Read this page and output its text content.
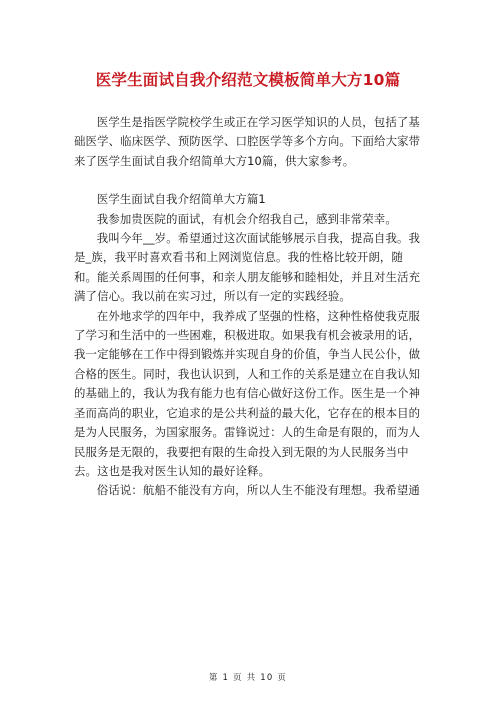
医学生面试自我介绍范文模板简单大方10篇

医学生是指医学院校学生或正在学习医学知识的人员，包括了基础医学、临床医学、预防医学、口腔医学等多个方向。下面给大家带来了医学生面试自我介绍简单大方10篇，供大家参考。

医学生面试自我介绍简单大方篇1

我参加贵医院的面试，有机会介绍我自己，感到非常荣幸。

我叫今年__岁。希望通过这次面试能够展示自我，提高自我。我是_族，我平时喜欢看书和上网浏览信息。我的性格比较开朗，随和。能关系周围的任何事，和亲人朋友能够和睦相处，并且对生活充满了信心。我以前在实习过，所以有一定的实践经验。

在外地求学的四年中，我养成了坚强的性格，这种性格使我克服了学习和生活中的一些困难，积极进取。如果我有机会被录用的话，我一定能够在工作中得到锻炼并实现自身的价值，争当人民公仆，做合格的医生。同时，我也认识到，人和工作的关系是建立在自我认知的基础上的，我认为我有能力也有信心做好这份工作。医生是一个神圣而高尚的职业，它追求的是公共利益的最大化，它存在的根本目的是为人民服务，为国家服务。雷锋说过：人的生命是有限的，而为人民服务是无限的，我要把有限的生命投入到无限的为人民服务当中去。这也是我对医生认知的最好诠释。

俗话说：航船不能没有方向，所以人生不能没有理想。我希望通

第 1 页 共 10 页
